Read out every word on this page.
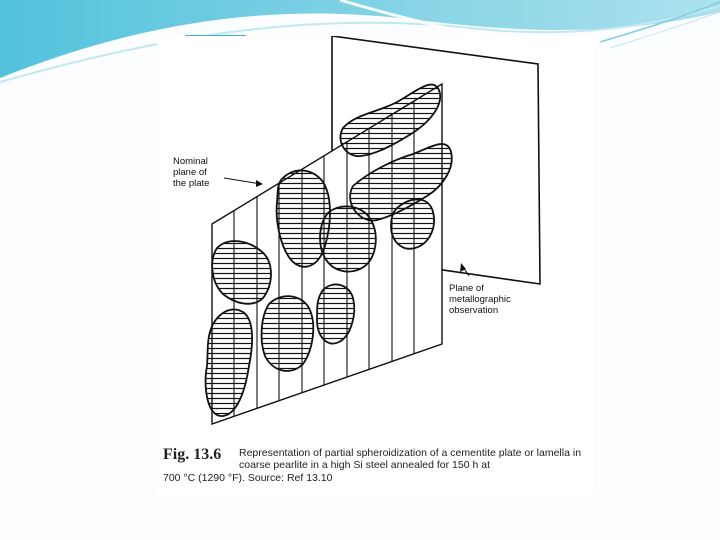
Nominal
plane of
the plate
Plane of
metallographic
observation
Fig. 13.6 Representation of partial spheroidization of a cementite plate or lamella in coarse pearlite in a high Si steel annealed for 150 h at
700 °C (1290 °F). Source: Ref 13.10
